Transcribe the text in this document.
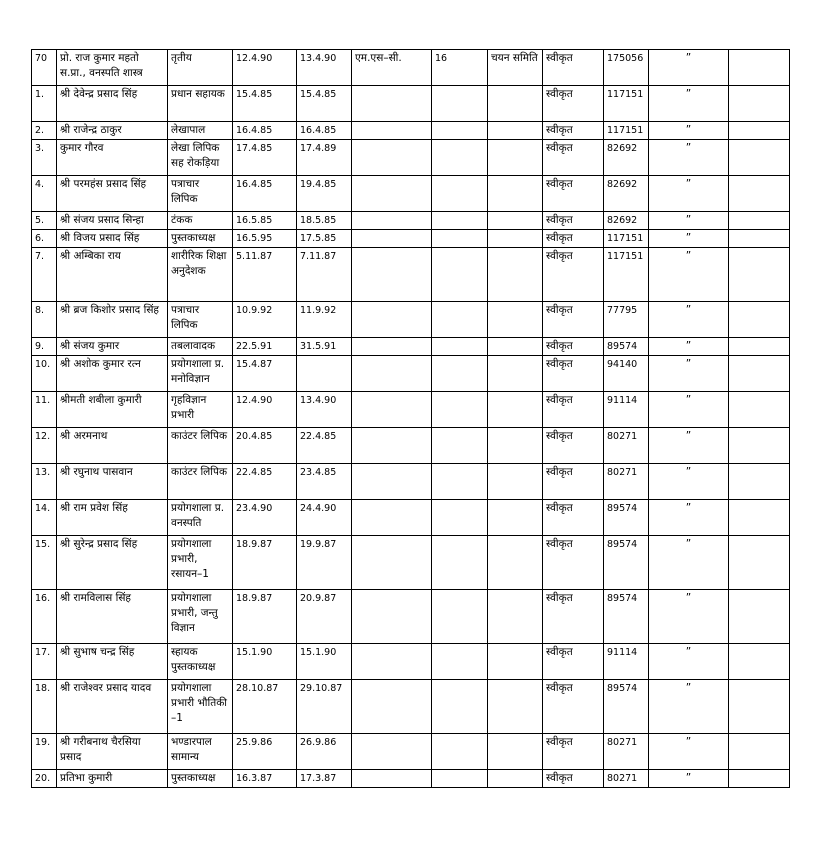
70	प्रो. राज कुमार महतो स.प्रा., वनस्पति शास्त्र	तृतीय	12.4.90	13.4.90	एम.एस–सी.	16	चयन समिति	स्वीकृत	175056	”	
1.	श्री देवेन्द्र प्रसाद सिंह	प्रधान सहायक	15.4.85	15.4.85				स्वीकृत	117151	”	
2.	श्री राजेन्द्र ठाकुर	लेखापाल	16.4.85	16.4.85				स्वीकृत	117151	”	
3.	कुमार गौरव	लेखा लिपिक सह रोकड़िया	17.4.85	17.4.89				स्वीकृत	82692	”	
4.	श्री परमहंस प्रसाद सिंह	पत्राचार लिपिक	16.4.85	19.4.85				स्वीकृत	82692	”	
5.	श्री संजय प्रसाद सिन्हा	टंकक	16.5.85	18.5.85				स्वीकृत	82692	”	
6.	श्री विजय प्रसाद सिंह	पुस्तकाध्यक्ष	16.5.95	17.5.85				स्वीकृत	117151	”	
7.	श्री अम्बिका राय	शारीरिक शिक्षा अनुदेशक	5.11.87	7.11.87				स्वीकृत	117151	”	
8.	श्री ब्रज किशोर प्रसाद सिंह	पत्राचार लिपिक	10.9.92	11.9.92				स्वीकृत	77795	”	
9.	श्री संजय कुमार	तबलावादक	22.5.91	31.5.91				स्वीकृत	89574	”	
10.	श्री अशोक कुमार रत्न	प्रयोगशाला प्र. मनोविज्ञान	15.4.87					स्वीकृत	94140	”	
11.	श्रीमती शबीला कुमारी	गृहविज्ञान प्रभारी	12.4.90	13.4.90				स्वीकृत	91114	”	
12.	श्री अरमनाथ	काउंटर लिपिक	20.4.85	22.4.85				स्वीकृत	80271	”	
13.	श्री रघुनाथ पासवान	काउंटर लिपिक	22.4.85	23.4.85				स्वीकृत	80271	”	
14.	श्री राम प्रवेश सिंह	प्रयोगशाला प्र. वनस्पति	23.4.90	24.4.90				स्वीकृत	89574	”	
15.	श्री सुरेन्द्र प्रसाद सिंह	प्रयोगशाला प्रभारी, रसायन–1	18.9.87	19.9.87				स्वीकृत	89574	”	
16.	श्री रामविलास सिंह	प्रयोगशाला प्रभारी, जन्तु विज्ञान	18.9.87	20.9.87				स्वीकृत	89574	”	
17.	श्री सुभाष चन्द्र सिंह	स्हायक पुस्तकाध्यक्ष	15.1.90	15.1.90				स्वीकृत	91114	”	
18.	श्री राजेश्वर प्रसाद यादव	प्रयोगशाला प्रभारी भौतिकी –1	28.10.87	29.10.87				स्वीकृत	89574	”	
19.	श्री गरीबनाथ चैरसिया प्रसाद	भण्डारपाल सामान्य	25.9.86	26.9.86				स्वीकृत	80271	”	
20.	प्रतिभा कुमारी	पुस्तकाध्यक्ष	16.3.87	17.3.87				स्वीकृत	80271	”	
